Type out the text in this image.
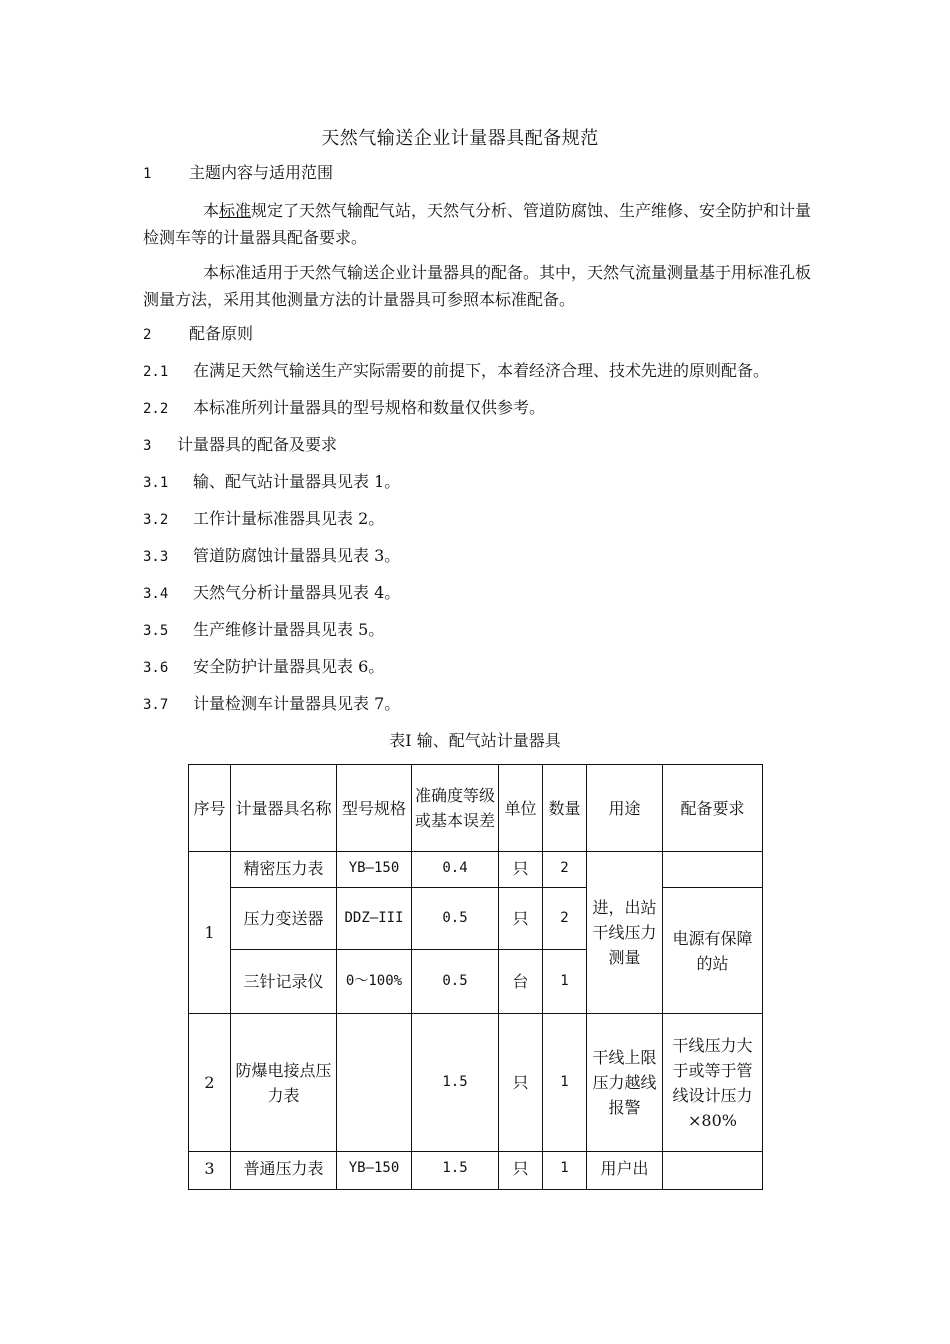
天然气输送企业计量器具配备规范
1 主题内容与适用范围
本标准规定了天然气输配气站，天然气分析、管道防腐蚀、生产维修、安全防护和计量检测车等的计量器具配备要求。
本标准适用于天然气输送企业计量器具的配备。其中，天然气流量测量基于用标准孔板测量方法，采用其他测量方法的计量器具可参照本标准配备。
2 配备原则
2.1 在满足天然气输送生产实际需要的前提下，本着经济合理、技术先进的原则配备。
2.2 本标准所列计量器具的型号规格和数量仅供参考。
3 计量器具的配备及要求
3.1 输、配气站计量器具见表 1。
3.2 工作计量标准器具见表 2。
3.3 管道防腐蚀计量器具见表 3。
3.4 天然气分析计量器具见表 4。
3.5 生产维修计量器具见表 5。
3.6 安全防护计量器具见表 6。
3.7 计量检测车计量器具见表 7。
表Ⅰ 输、配气站计量器具
序号	计量器具名称	型号规格	准确度等级或基本误差	单位	数量	用途	配备要求
1	精密压力表	YB—150	0.4	只	2	进，出站干线压力测量	
	压力变送器	DDZ—III	0.5	只	2		电源有保障的站
	三针记录仪	0～100%	0.5	台	1		
2	防爆电接点压力表		1.5	只	1	干线上限压力越线报警	干线压力大于或等于管线设计压力×80%
3	普通压力表	YB—150	1.5	只	1	用户出	
